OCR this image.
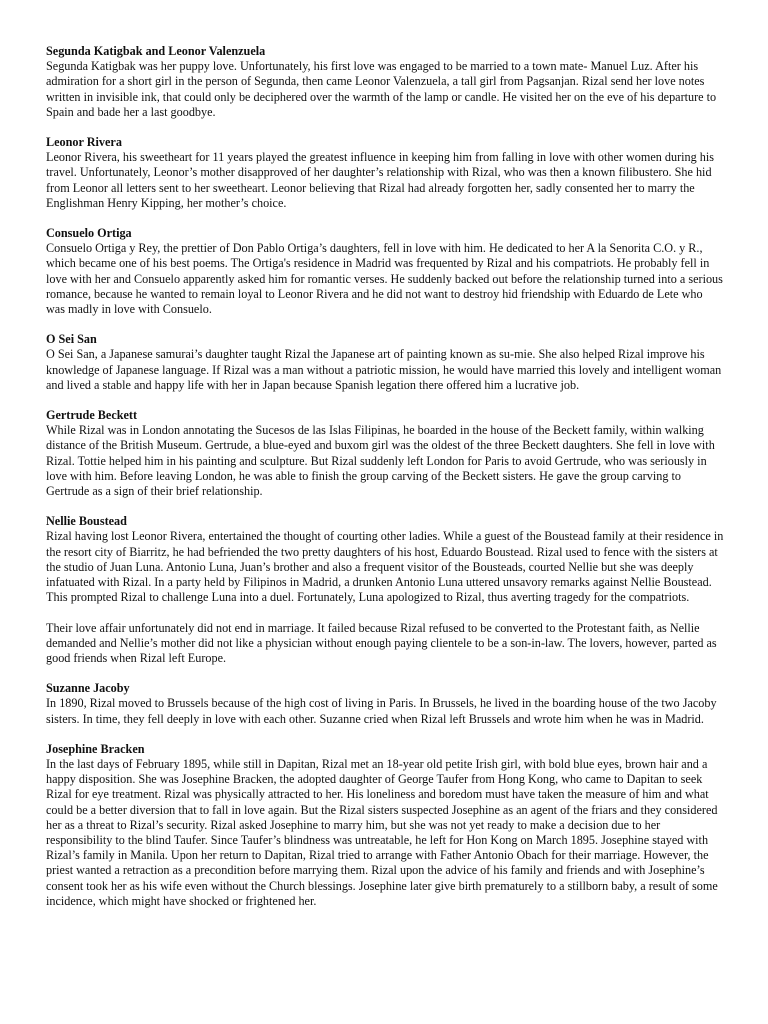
Segunda Katigbak and Leonor Valenzuela

Segunda Katigbak was her puppy love. Unfortunately, his first love was engaged to be married to a town mate- Manuel Luz. After his admiration for a short girl in the person of Segunda, then came Leonor Valenzuela, a tall girl from Pagsanjan. Rizal send her love notes written in invisible ink, that could only be deciphered over the warmth of the lamp or candle. He visited her on the eve of his departure to Spain and bade her a last goodbye.

Leonor Rivera

Leonor Rivera, his sweetheart for 11 years played the greatest influence in keeping him from falling in love with other women during his travel. Unfortunately, Leonor’s mother disapproved of her daughter’s relationship with Rizal, who was then a known filibustero. She hid from Leonor all letters sent to her sweetheart. Leonor believing that Rizal had already forgotten her, sadly consented her to marry the Englishman Henry Kipping, her mother’s choice.

Consuelo Ortiga

Consuelo Ortiga y Rey, the prettier of Don Pablo Ortiga’s daughters, fell in love with him. He dedicated to her A la Senorita C.O. y R., which became one of his best poems. The Ortiga's residence in Madrid was frequented by Rizal and his compatriots. He probably fell in love with her and Consuelo apparently asked him for romantic verses. He suddenly backed out before the relationship turned into a serious romance, because he wanted to remain loyal to Leonor Rivera and he did not want to destroy hid friendship with Eduardo de Lete who was madly in love with Consuelo.

O Sei San

O Sei San, a Japanese samurai’s daughter taught Rizal the Japanese art of painting known as su-mie. She also helped Rizal improve his knowledge of Japanese language. If Rizal was a man without a patriotic mission, he would have married this lovely and intelligent woman and lived a stable and happy life with her in Japan because Spanish legation there offered him a lucrative job.

Gertrude Beckett

While Rizal was in London annotating the Sucesos de las Islas Filipinas, he boarded in the house of the Beckett family, within walking distance of the British Museum. Gertrude, a blue-eyed and buxom girl was the oldest of the three Beckett daughters. She fell in love with Rizal. Tottie helped him in his painting and sculpture. But Rizal suddenly left London for Paris to avoid Gertrude, who was seriously in love with him. Before leaving London, he was able to finish the group carving of the Beckett sisters. He gave the group carving to Gertrude as a sign of their brief relationship.

Nellie Boustead

Rizal having lost Leonor Rivera, entertained the thought of courting other ladies. While a guest of the Boustead family at their residence in the resort city of Biarritz, he had befriended the two pretty daughters of his host, Eduardo Boustead. Rizal used to fence with the sisters at the studio of Juan Luna. Antonio Luna, Juan’s brother and also a frequent visitor of the Bousteads, courted Nellie but she was deeply infatuated with Rizal. In a party held by Filipinos in Madrid, a drunken Antonio Luna uttered unsavory remarks against Nellie Boustead. This prompted Rizal to challenge Luna into a duel. Fortunately, Luna apologized to Rizal, thus averting tragedy for the compatriots.

Their love affair unfortunately did not end in marriage. It failed because Rizal refused to be converted to the Protestant faith, as Nellie demanded and Nellie’s mother did not like a physician without enough paying clientele to be a son-in-law. The lovers, however, parted as good friends when Rizal left Europe.

Suzanne Jacoby

In 1890, Rizal moved to Brussels because of the high cost of living in Paris. In Brussels, he lived in the boarding house of the two Jacoby sisters. In time, they fell deeply in love with each other. Suzanne cried when Rizal left Brussels and wrote him when he was in Madrid.

Josephine Bracken

In the last days of February 1895, while still in Dapitan, Rizal met an 18-year old petite Irish girl, with bold blue eyes, brown hair and a happy disposition. She was Josephine Bracken, the adopted daughter of George Taufer from Hong Kong, who came to Dapitan to seek Rizal for eye treatment. Rizal was physically attracted to her. His loneliness and boredom must have taken the measure of him and what could be a better diversion that to fall in love again. But the Rizal sisters suspected Josephine as an agent of the friars and they considered her as a threat to Rizal’s security. Rizal asked Josephine to marry him, but she was not yet ready to make a decision due to her responsibility to the blind Taufer. Since Taufer’s blindness was untreatable, he left for Hon Kong on March 1895. Josephine stayed with Rizal’s family in Manila. Upon her return to Dapitan, Rizal tried to arrange with Father Antonio Obach for their marriage. However, the priest wanted a retraction as a precondition before marrying them. Rizal upon the advice of his family and friends and with Josephine’s consent took her as his wife even without the Church blessings. Josephine later give birth prematurely to a stillborn baby, a result of some incidence, which might have shocked or frightened her.
